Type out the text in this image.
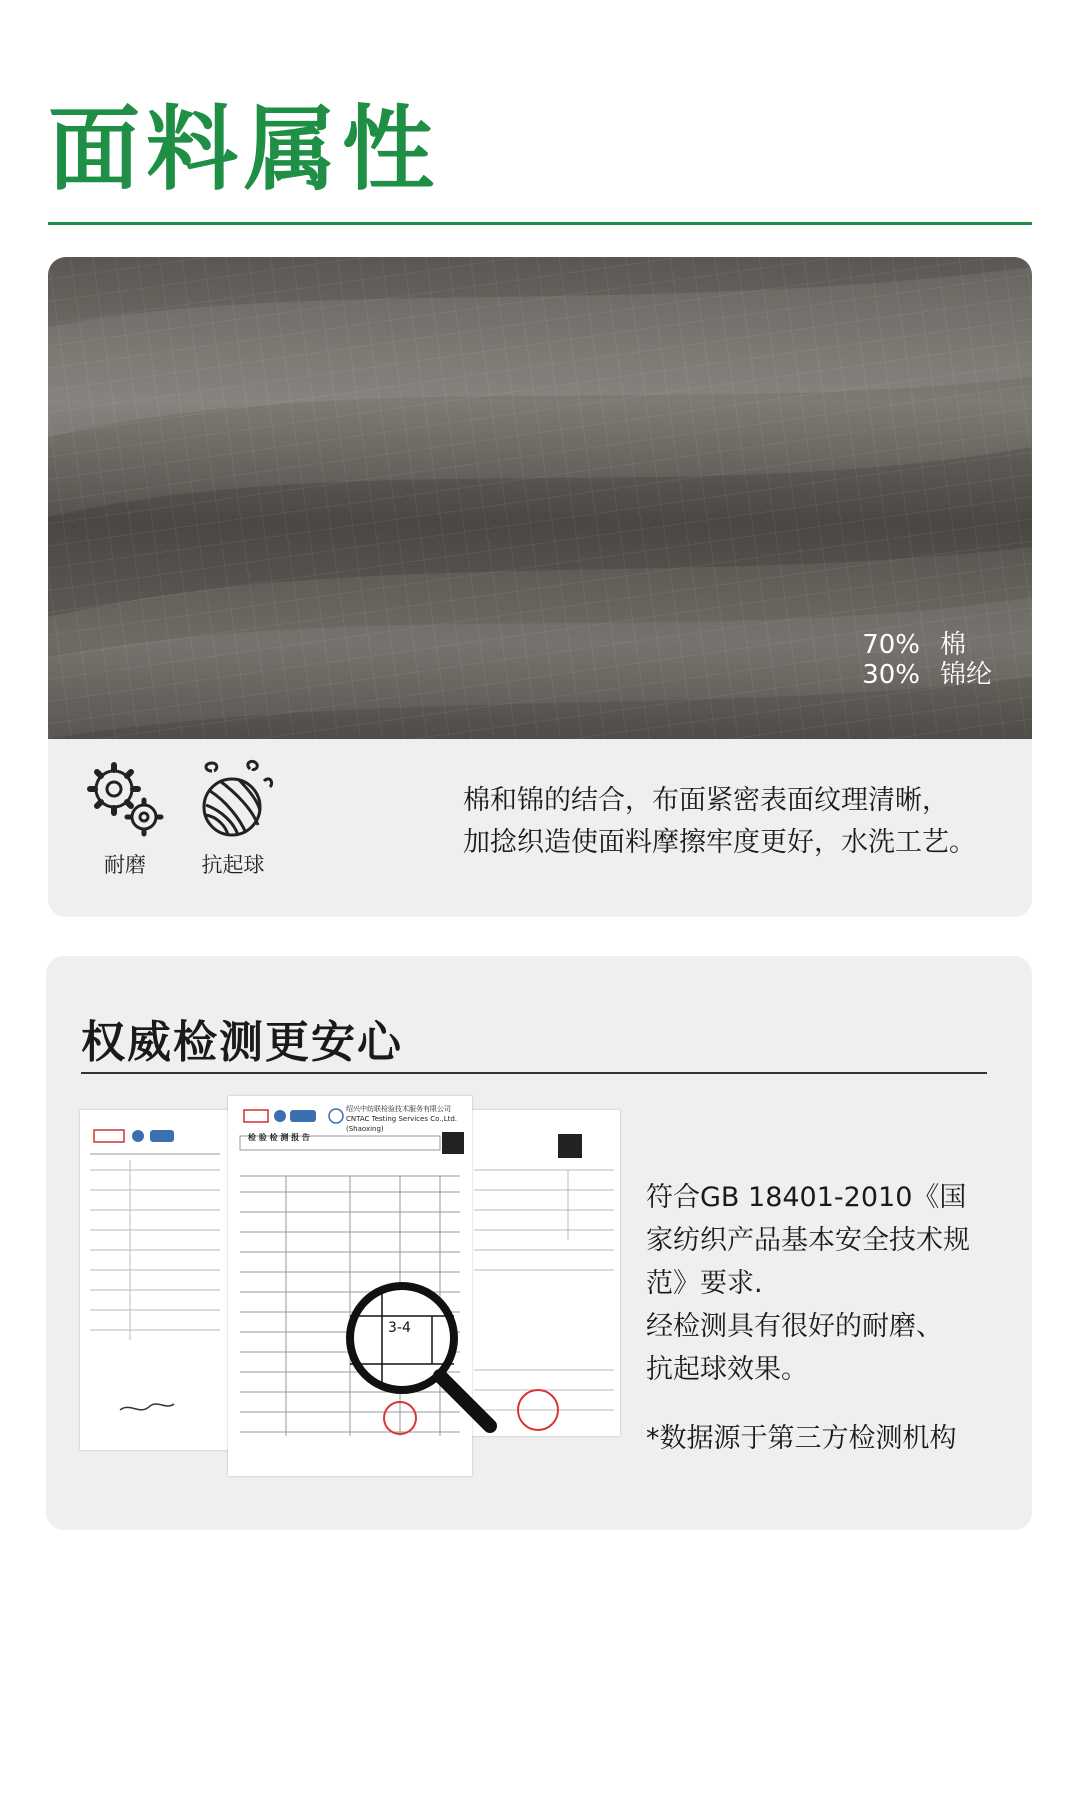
面料属性
70% 棉
30% 锦纶
耐磨	抗起球
棉和锦的结合，布面紧密表面纹理清晰，
加捻织造使面料摩擦牢度更好，水洗工艺。
权威检测更安心
检 验 检 测 报 告
绍兴中纺联检验技术服务有限公司
CNTAC Testing Services Co.,Ltd.(Shaoxing)
3-4
符合GB 18401-2010《国
家纺织产品基本安全技术规
范》要求.
经检测具有很好的耐磨、
抗起球效果。
*数据源于第三方检测机构
